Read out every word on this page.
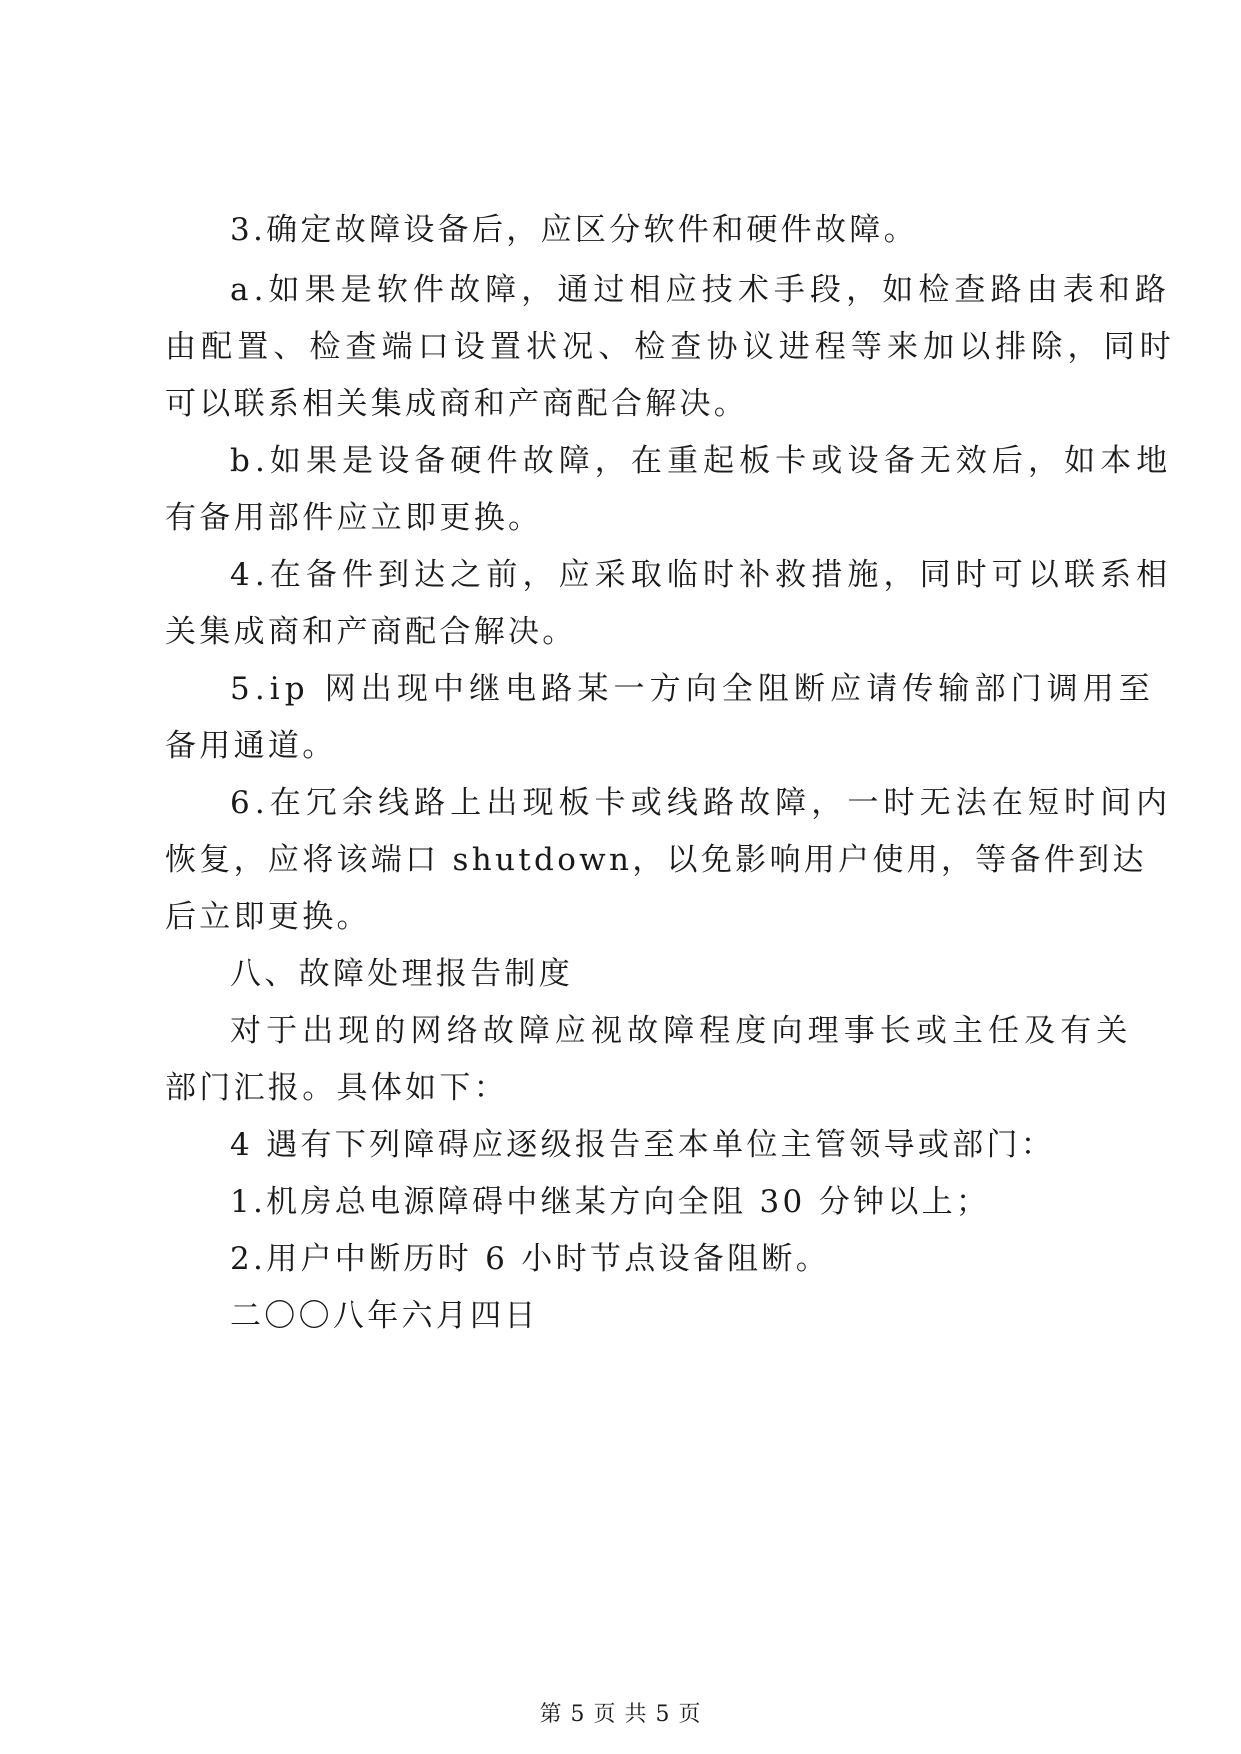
3.确定故障设备后，应区分软件和硬件故障。
a.如果是软件故障，通过相应技术手段，如检查路由表和路
由配置、检查端口设置状况、检查协议进程等来加以排除，同时
可以联系相关集成商和产商配合解决。
b.如果是设备硬件故障，在重起板卡或设备无效后，如本地
有备用部件应立即更换。
4.在备件到达之前，应采取临时补救措施，同时可以联系相
关集成商和产商配合解决。
5.ip 网出现中继电路某一方向全阻断应请传输部门调用至
备用通道。
6.在冗余线路上出现板卡或线路故障，一时无法在短时间内
恢复，应将该端口 shutdown，以免影响用户使用，等备件到达
后立即更换。
八、故障处理报告制度
对于出现的网络故障应视故障程度向理事长或主任及有关
部门汇报。具体如下：
4 遇有下列障碍应逐级报告至本单位主管领导或部门：
1.机房总电源障碍中继某方向全阻 30 分钟以上；
2.用户中断历时 6 小时节点设备阻断。
二〇〇八年六月四日
第 5 页 共 5 页
